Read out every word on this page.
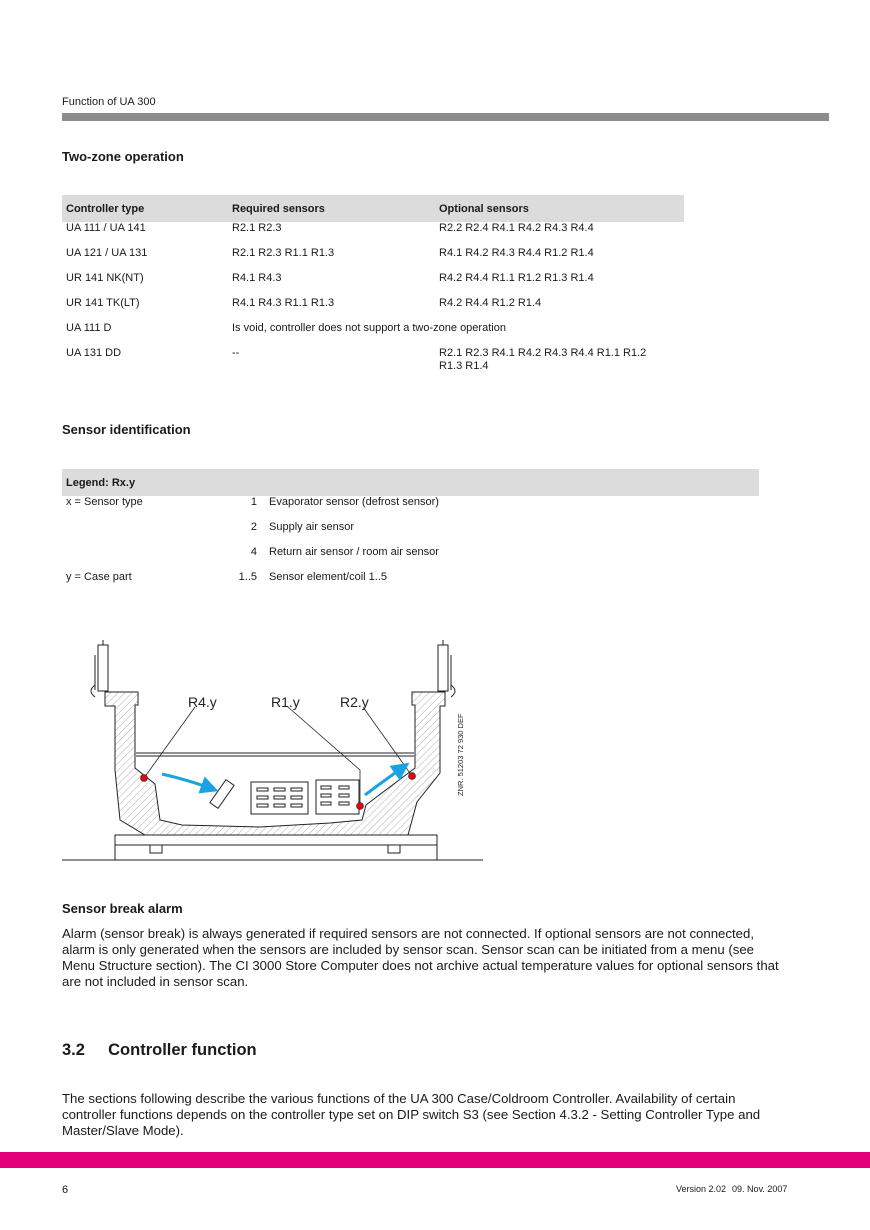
Function of UA 300
Two-zone operation
Controller type	Required sensors	Optional sensors
UA 111 / UA 141	R2.1 R2.3	R2.2 R2.4 R4.1 R4.2 R4.3 R4.4
UA 121 / UA 131	R2.1 R2.3 R1.1 R1.3	R4.1 R4.2 R4.3 R4.4 R1.2 R1.4
UR 141 NK(NT)	R4.1 R4.3	R4.2 R4.4 R1.1 R1.2 R1.3 R1.4
UR 141 TK(LT)	R4.1 R4.3 R1.1 R1.3	R4.2 R4.4 R1.2 R1.4
UA 111 D	Is void, controller does not support a two-zone operation	
UA 131 DD	--	R2.1 R2.3 R4.1 R4.2 R4.3 R4.4 R1.1 R1.2 R1.3 R1.4
Sensor identification
Legend: Rx.y		
x = Sensor type	1	Evaporator sensor (defrost sensor)
	2	Supply air sensor
	4	Return air sensor / room air sensor
y = Case part	1..5	Sensor element/coil 1..5
R4.y	R1.y	R2.y
ZNR. 51203 72 930 DEF
Sensor break alarm
Alarm (sensor break) is always generated if required sensors are not connected. If optional sensors are not connected, alarm is only generated when the sensors are included by sensor scan. Sensor scan can be initiated from a menu (see Menu Structure section). The CI 3000 Store Computer does not archive actual temperature values for optional sensors that are not included in sensor scan.
3.2 Controller function
The sections following describe the various functions of the UA 300 Case/Coldroom Controller. Availability of certain controller functions depends on the controller type set on DIP switch S3 (see Section 4.3.2 - Setting Controller Type and Master/Slave Mode).
6	Version 2.02 09. Nov. 2007
